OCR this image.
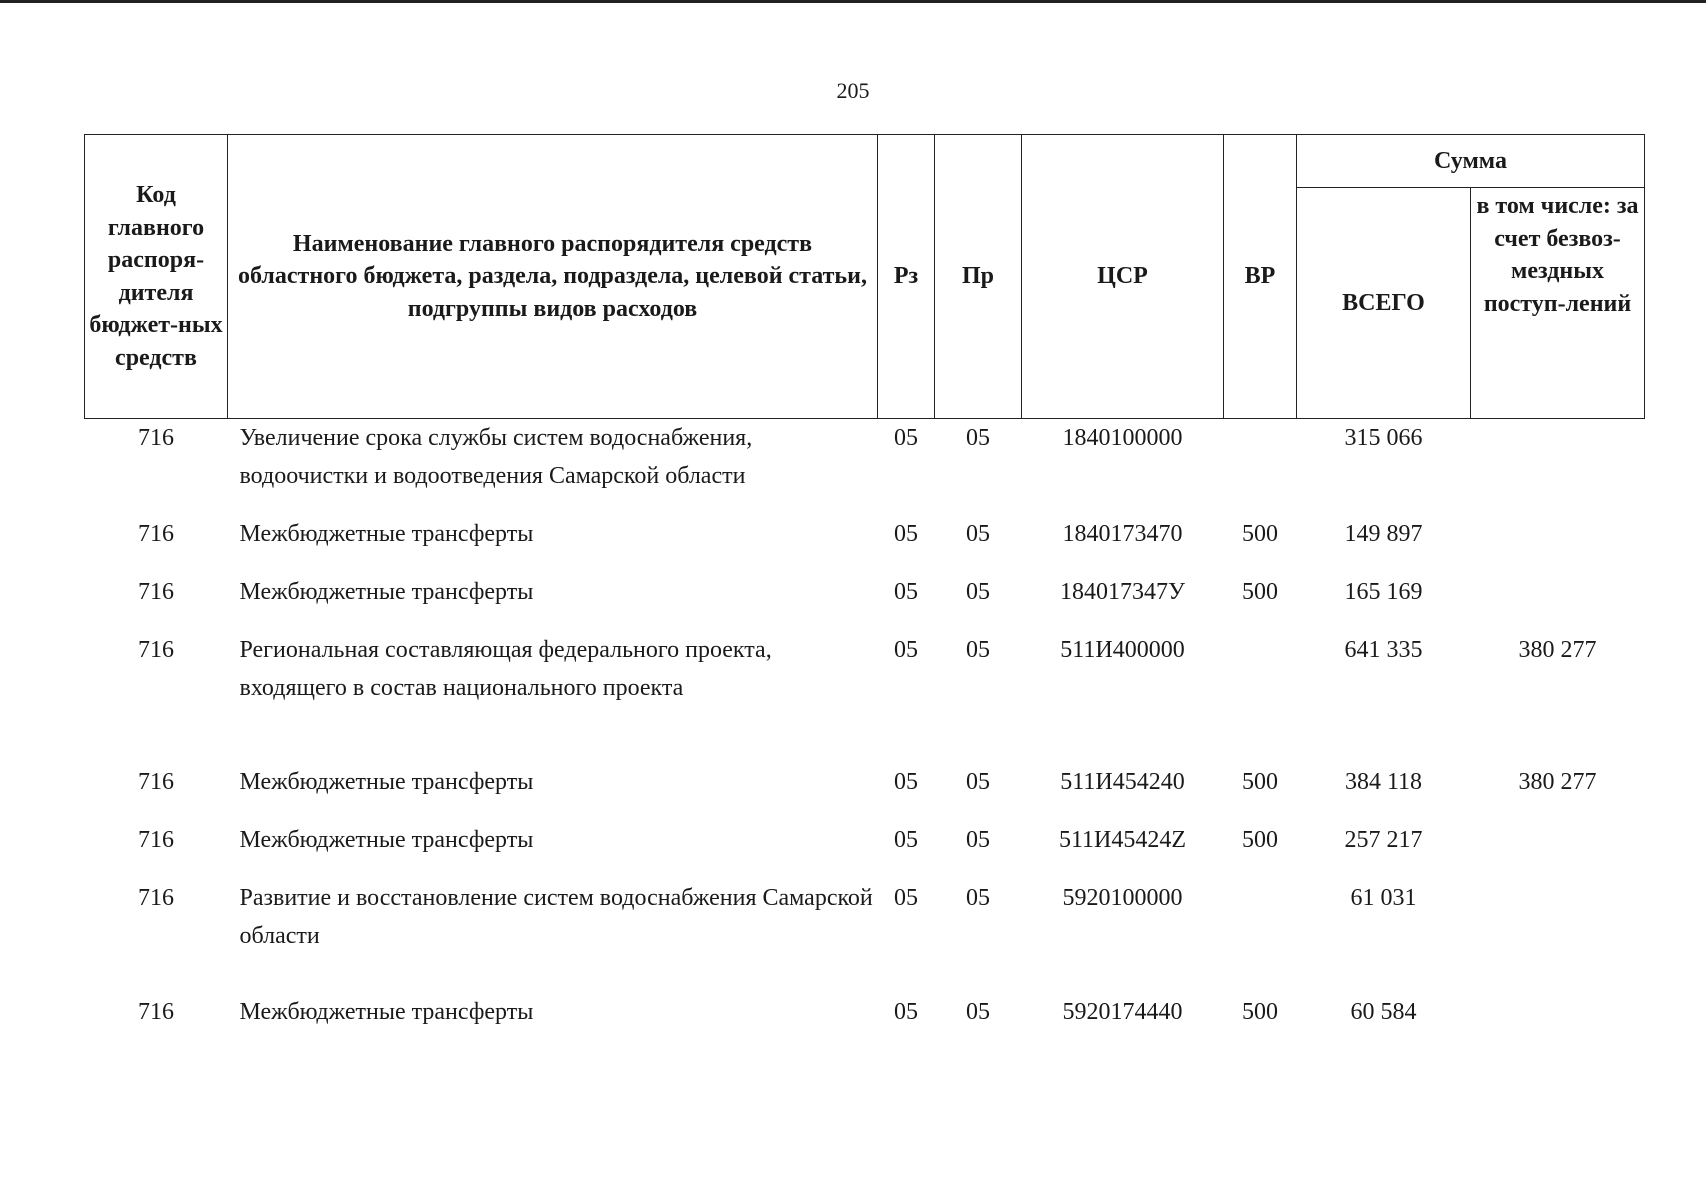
205
Код главного распоря-дителя бюджет-ных средств	Наименование главного распорядителя средств областного бюджета, раздела, подраздела, целевой статьи, подгруппы видов расходов	Рз	Пр	ЦСР	ВР	Сумма	
						ВСЕГО	в том числе: за счет безвоз-мездных поступ-лений
716	Увеличение срока службы систем водоснабжения, водоочистки и водоотведения Самарской области	05	05	1840100000		315 066	
716	Межбюджетные трансферты	05	05	1840173470	500	149 897	
716	Межбюджетные трансферты	05	05	184017347У	500	165 169	
716	Региональная составляющая федерального проекта, входящего в состав национального проекта	05	05	511И400000		641 335	380 277
716	Межбюджетные трансферты	05	05	511И454240	500	384 118	380 277
716	Межбюджетные трансферты	05	05	511И45424Z	500	257 217	
716	Развитие и восстановление систем водоснабжения Самарской области	05	05	5920100000		61 031	
716	Межбюджетные трансферты	05	05	5920174440	500	60 584	
